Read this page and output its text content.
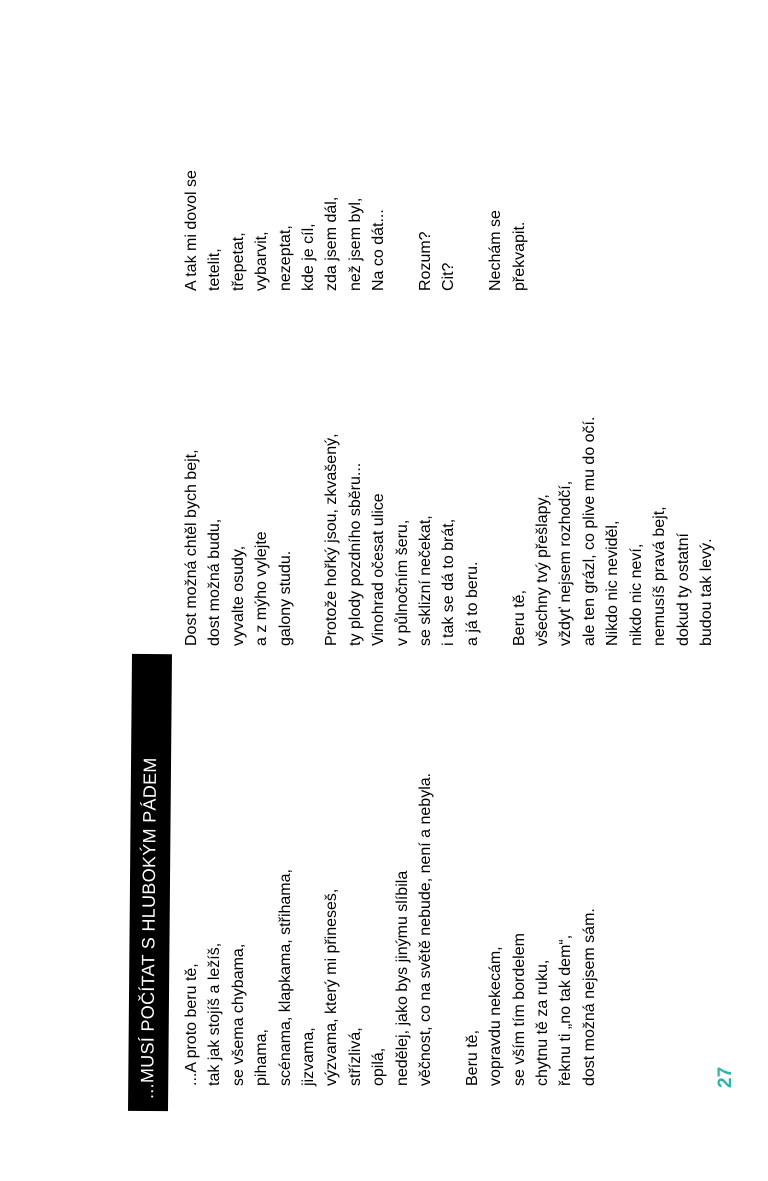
...MUSÍ POČÍTAT S HLUBOKÝM PÁDEM ...A proto beru tě, tak jak stojíš a ležíš, se všema chybama, pihama, scénama, klapkama, střihama, jizvama, výzvama, který mi přineseš, střízlivá, opilá, nedělej, jako bys jinýmu slíbila věčnost, co na světě nebude, není a nebyla. Beru tě, vopravdu nekecám, se vším tím bordelem chytnu tě za ruku, řeknu ti „no tak dem“, dost možná nejsem sám.

Dost možná chtěl bych bejt, dost možná budu, vyvalte osudy, a z mýho vylejte galony studu. Protože hořký jsou, zkvašený, ty plody pozdního sběru... Vinohrad očesat ulice v půlnočním šeru, se sklizní nečekat, i tak se dá to brát, a já to beru. Beru tě, všechny tvý přešlapy, vždyť nejsem rozhodčí, ale ten grázl, co plive mu do očí. Nikdo nic neviděl, nikdo nic neví, nemusíš pravá bejt, dokud ty ostatní budou tak levý.

A tak mi dovol se tetelit, třepetat, vybarvit, nezeptat, kde je cíl, zda jsem dál, než jsem byl, Na co dát... Rozum? Cit? Nechám se překvapit.

27
